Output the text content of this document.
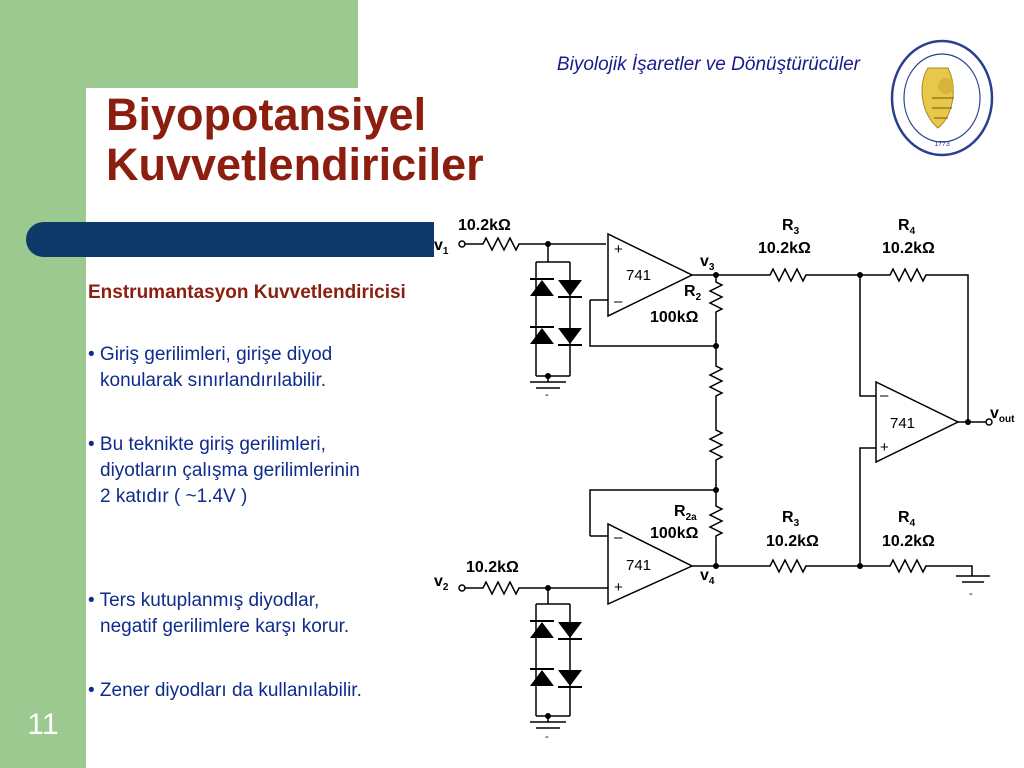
Biyolojik İşaretler ve Dönüştürücüler
1773
Biyopotansiyel
Kuvvetlendiriciler
Enstrumantasyon Kuvvetlendiricisi
• Giriş gerilimleri, girişe diyod
konularak sınırlandırılabilir.
• Bu teknikte giriş gerilimleri,
diyotların çalışma gerilimlerinin
2 katıdır ( ~1.4V )
• Ters kutuplanmış diyodlar,
negatif gerilimlere karşı korur.
• Zener diyodları da kullanılabilir.
11
10.2kΩ
$v_1$
$v_3$
$R_2$
100kΩ
$R_3$
10.2kΩ
$R_4$
10.2kΩ
$v_{out}$
$R_{2a}$
100kΩ
$R_3$
10.2kΩ
$R_4$
10.2kΩ
$v_4$
10.2kΩ
$v_2$
741
+
–
741
–
+
741
–
+
-
-
-
